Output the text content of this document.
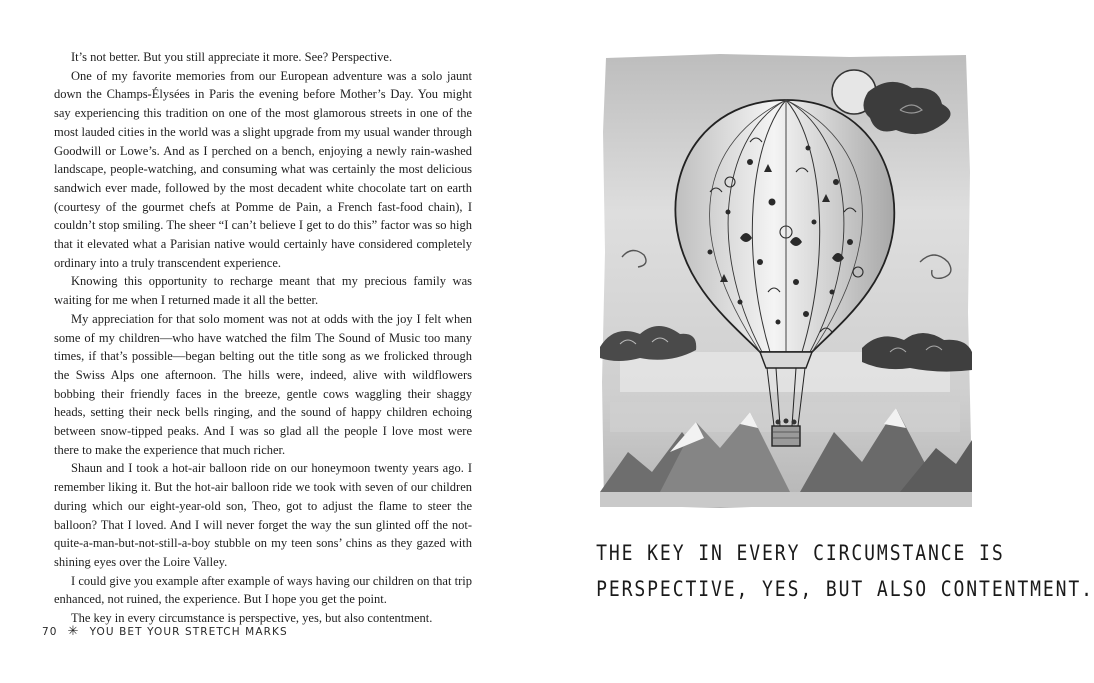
It’s not better. But you still appreciate it more. See? Perspective.

One of my favorite memories from our European adventure was a solo jaunt down the Champs-Élysées in Paris the evening before Mother’s Day. You might say experiencing this tradition on one of the most glamorous streets in one of the most lauded cities in the world was a slight upgrade from my usual wander through Goodwill or Lowe’s. And as I perched on a bench, enjoying a newly rain-washed landscape, people-watching, and consuming what was certainly the most delicious sandwich ever made, followed by the most decadent white chocolate tart on earth (courtesy of the gourmet chefs at Pomme de Pain, a French fast-food chain), I couldn’t stop smiling. The sheer “I can’t believe I get to do this” factor was so high that it elevated what a Parisian native would certainly have considered completely ordinary into a truly transcendent experience.

Knowing this opportunity to recharge meant that my precious family was waiting for me when I returned made it all the better.

My appreciation for that solo moment was not at odds with the joy I felt when some of my children—who have watched the film The Sound of Music too many times, if that’s possible—began belting out the title song as we frolicked through the Swiss Alps one afternoon. The hills were, indeed, alive with wildflowers bobbing their friendly faces in the breeze, gentle cows waggling their shaggy heads, setting their neck bells ringing, and the sound of happy children echoing between snow-tipped peaks. And I was so glad all the people I love most were there to make the experience that much richer.

Shaun and I took a hot-air balloon ride on our honeymoon twenty years ago. I remember liking it. But the hot-air balloon ride we took with seven of our children during which our eight-year-old son, Theo, got to adjust the flame to steer the balloon? That I loved. And I will never forget the way the sun glinted off the not-quite-a-man-but-not-still-a-boy stubble on my teen sons’ chins as they gazed with shining eyes over the Loire Valley.

I could give you example after example of ways having our children on that trip enhanced, not ruined, the experience. But I hope you get the point.

The key in every circumstance is perspective, yes, but also contentment.

70 ✳ YOU BET YOUR STRETCH MARKS
THE KEY IN EVERY CIRCUMSTANCE IS
PERSPECTIVE, YES, BUT ALSO CONTENTMENT.
